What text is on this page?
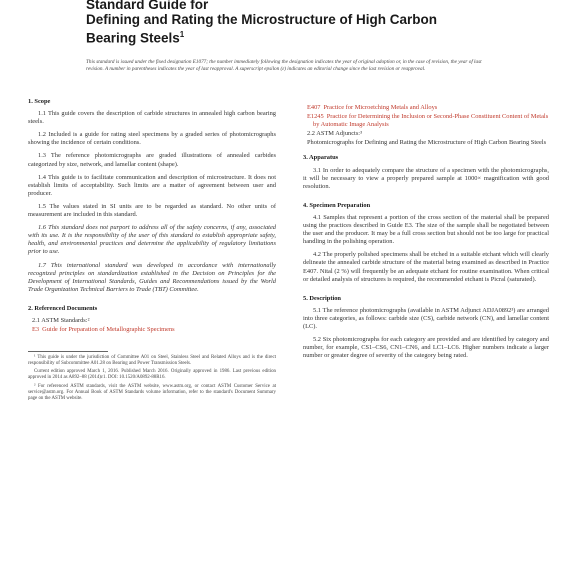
Standard Guide for
Defining and Rating the Microstructure of High Carbon
Bearing Steels$^1$
This standard is issued under the fixed designation E1077; the number immediately following the designation indicates the year of original adoption or, in the case of revision, the year of last revision. A number in parentheses indicates the year of last reapproval. A superscript epsilon (ε) indicates an editorial change since the last revision or reapproval.
1. Scope
1.1 This guide covers the description of carbide structures in annealed high carbon bearing steels.
1.2 Included is a guide for rating steel specimens by a graded series of photomicrographs showing the incidence of certain conditions.
1.3 The reference photomicrographs are graded illustrations of annealed carbides categorized by size, network, and lamellar content (shape).
1.4 This guide is to facilitate communication and description of microstructure. It does not establish limits of acceptability. Such limits are a matter of agreement between user and producer.
1.5 The values stated in SI units are to be regarded as standard. No other units of measurement are included in this standard.
1.6 This standard does not purport to address all of the safety concerns, if any, associated with its use. It is the responsibility of the user of this standard to establish appropriate safety, health, and environmental practices and determine the applicability of regulatory limitations prior to use.
1.7 This international standard was developed in accordance with internationally recognized principles on standardization established in the Decision on Principles for the Development of International Standards, Guides and Recommendations issued by the World Trade Organization Technical Barriers to Trade (TBT) Committee.
2. Referenced Documents
2.1 ASTM Standards:²
E3 Guide for Preparation of Metallographic Specimens
¹ This guide is under the jurisdiction of Committee A01 on Steel, Stainless Steel and Related Alloys and is the direct responsibility of Subcommittee A01.28 on Bearing and Power Transmission Steels.
Current edition approved March 1, 2016. Published March 2016. Originally approved in 1986. Last previous edition approved in 2014 as A892–88 (2014)ε1. DOI: 10.1520/A0892-88R16.
² For referenced ASTM standards, visit the ASTM website, www.astm.org, or contact ASTM Customer Service at service@astm.org. For Annual Book of ASTM Standards volume information, refer to the standard's Document Summary page on the ASTM website.
E407 Practice for Microetching Metals and Alloys
E1245 Practice for Determining the Inclusion or Second-Phase Constituent Content of Metals by Automatic Image Analysis
2.2 ASTM Adjuncts:³
Photomicrographs for Defining and Rating the Microstructure of High Carbon Bearing Steels
3. Apparatus
3.1 In order to adequately compare the structure of a specimen with the photomicrographs, it will be necessary to view a properly prepared sample at 1000× magnification with good resolution.
4. Specimen Preparation
4.1 Samples that represent a portion of the cross section of the material shall be prepared using the practices described in Guide E3. The size of the sample shall be negotiated between the user and the producer. It may be a full cross section but should not be too large for practical handling in the polishing operation.
4.2 The properly polished specimens shall be etched in a suitable etchant which will clearly delineate the annealed carbide structure of the material being examined as described in Practice E407. Nital (2 %) will frequently be an adequate etchant for routine examination. When critical or detailed analysis of structures is required, the recommended etchant is Picral (saturated).
5. Description
5.1 The reference photomicrographs (available in ASTM Adjunct ADJA0892³) are arranged into three categories, as follows: carbide size (CS), carbide network (CN), and lamellar content (LC).
5.2 Six photomicrographs for each category are provided and are identified by category and number, for example, CS1–CS6, CN1–CN6, and LC1–LC6. Higher numbers indicate a larger number or greater degree of severity of the category being rated.
